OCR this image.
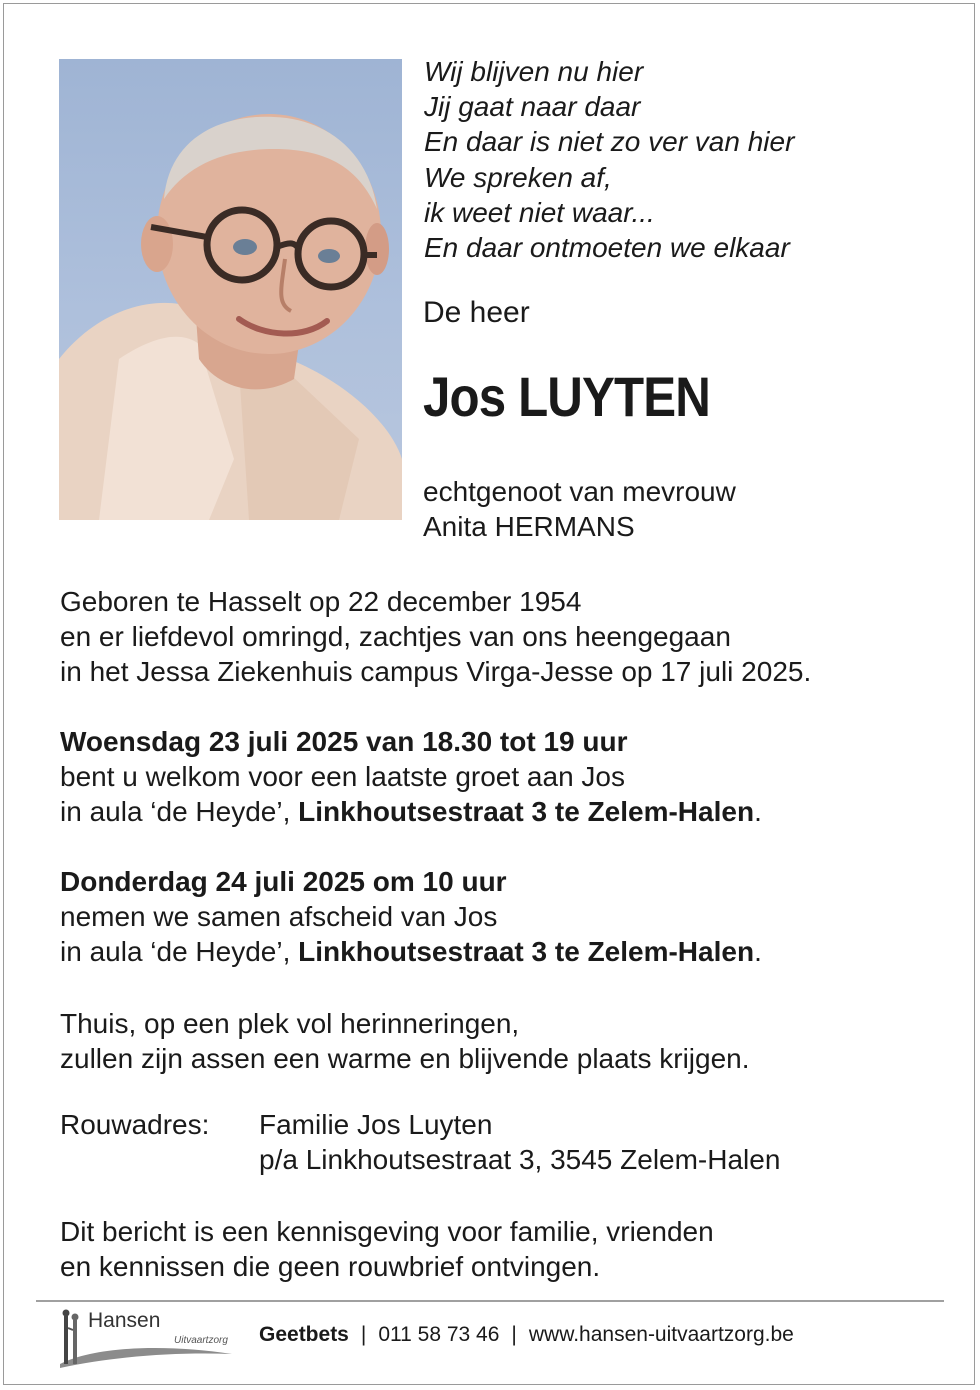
Wij blijven nu hier
Jij gaat naar daar
En daar is niet zo ver van hier
We spreken af,
ik weet niet waar...
En daar ontmoeten we elkaar
De heer
Jos LUYTEN
echtgenoot van mevrouw
Anita HERMANS
Geboren te Hasselt op 22 december 1954
en er liefdevol omringd, zachtjes van ons heengegaan
in het Jessa Ziekenhuis campus Virga-Jesse op 17 juli 2025.
Woensdag 23 juli 2025 van 18.30 tot 19 uur
bent u welkom voor een laatste groet aan Jos
in aula ‘de Heyde’, Linkhoutsestraat 3 te Zelem-Halen.
Donderdag 24 juli 2025 om 10 uur
nemen we samen afscheid van Jos
in aula ‘de Heyde’, Linkhoutsestraat 3 te Zelem-Halen.
Thuis, op een plek vol herinneringen,
zullen zijn assen een warme en blijvende plaats krijgen.
Rouwadres: Familie Jos Luyten
p/a Linkhoutsestraat 3, 3545 Zelem-Halen
Dit bericht is een kennisgeving voor familie, vrienden
en kennissen die geen rouwbrief ontvingen.
Hansen
Uitvaartzorg Geetbets | 011 58 73 46 | www.hansen-uitvaartzorg.be
